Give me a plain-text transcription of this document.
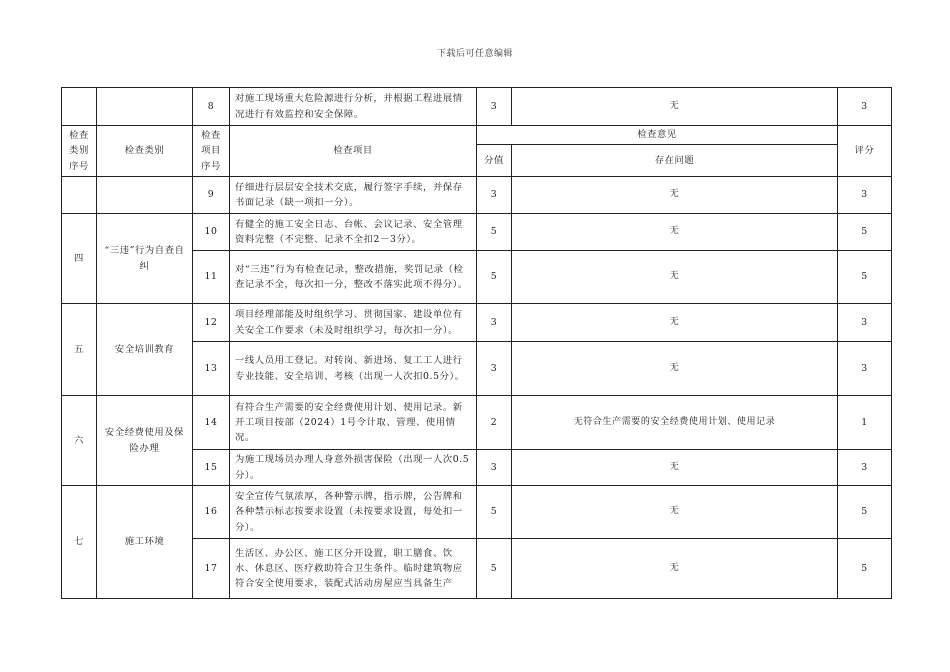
下载后可任意编辑
		8	对施工现场重大危险源进行分析，并根据工程进展情况进行有效监控和安全保障。	3	无	3
检查类别序号	检查类别	检查项目序号	检查项目	检查意见		评分
				分值	存在问题	
		9	仔细进行层层安全技术交底，履行签字手续，并保存书面记录（缺一项扣一分）。	3	无	3
四	“三违”行为自查自纠	10	有健全的施工安全日志、台帐、会议记录、安全管理资料完整（不完整、记录不全扣2－3分）。	5	无	5
		11	对“三违”行为有检查记录，整改措施，奖罚记录（检查记录不全，每次扣一分，整改不落实此项不得分）。	5	无	5
五	安全培训教育	12	项目经理部能及时组织学习、贯彻国家、建设单位有关安全工作要求（未及时组织学习，每次扣一分）。	3	无	3
		13	一线人员用工登记。对转岗、新进场、复工工人进行专业技能、安全培训、考核（出现一人次扣0.5分）。	3	无	3
六	安全经费使用及保险办理	14	有符合生产需要的安全经费使用计划、使用记录。新开工项目按部（2024）1号令计取、管理、使用情况。	2	无符合生产需要的安全经费使用计划、使用记录	1
		15	为施工现场员办理人身意外损害保险（出现一人次0.5分）。	3	无	3
七	施工环境	16	安全宣传气氛浓厚，各种警示牌，指示牌，公告牌和各种禁示标志按要求设置（未按要求设置，每处扣一分）。	5	无	5
		17	生活区、办公区、施工区分开设置，职工膳食、饮水、休息区、医疗救助符合卫生条件。临时建筑物应符合安全使用要求，装配式活动房屋应当具备生产	5	无	5
